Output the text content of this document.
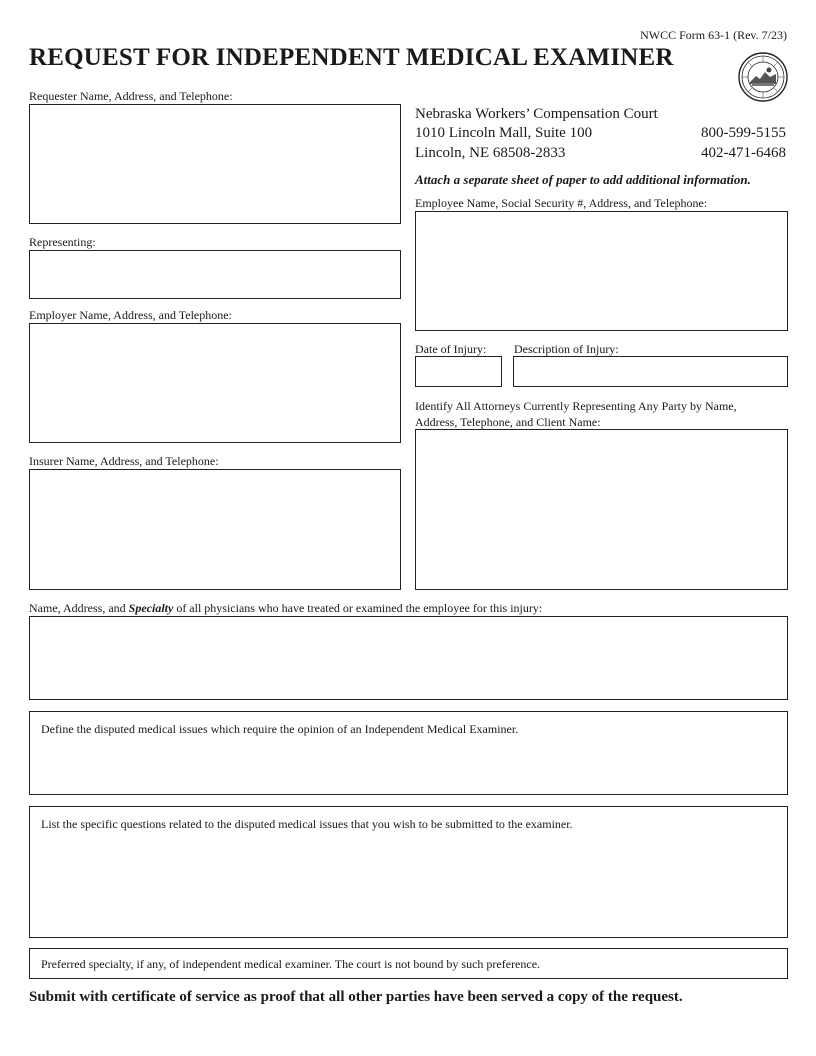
NWCC Form 63-1 (Rev. 7/23)
REQUEST FOR INDEPENDENT MEDICAL EXAMINER
Nebraska Workers’ Compensation Court
1010 Lincoln Mall, Suite 100
Lincoln, NE 68508-2833
800-599-5155
402-471-6468
Attach a separate sheet of paper to add additional information.
Requester Name, Address, and Telephone:
Representing:
Employer Name, Address, and Telephone:
Insurer Name, Address, and Telephone:
Employee Name, Social Security #, Address, and Telephone:
Date of Injury: Description of Injury:
Identify All Attorneys Currently Representing Any Party by Name, Address, Telephone, and Client Name:
Name, Address, and Specialty of all physicians who have treated or examined the employee for this injury:
Define the disputed medical issues which require the opinion of an Independent Medical Examiner.
List the specific questions related to the disputed medical issues that you wish to be submitted to the examiner.
Preferred specialty, if any, of independent medical examiner. The court is not bound by such preference.
Submit with certificate of service as proof that all other parties have been served a copy of the request.
